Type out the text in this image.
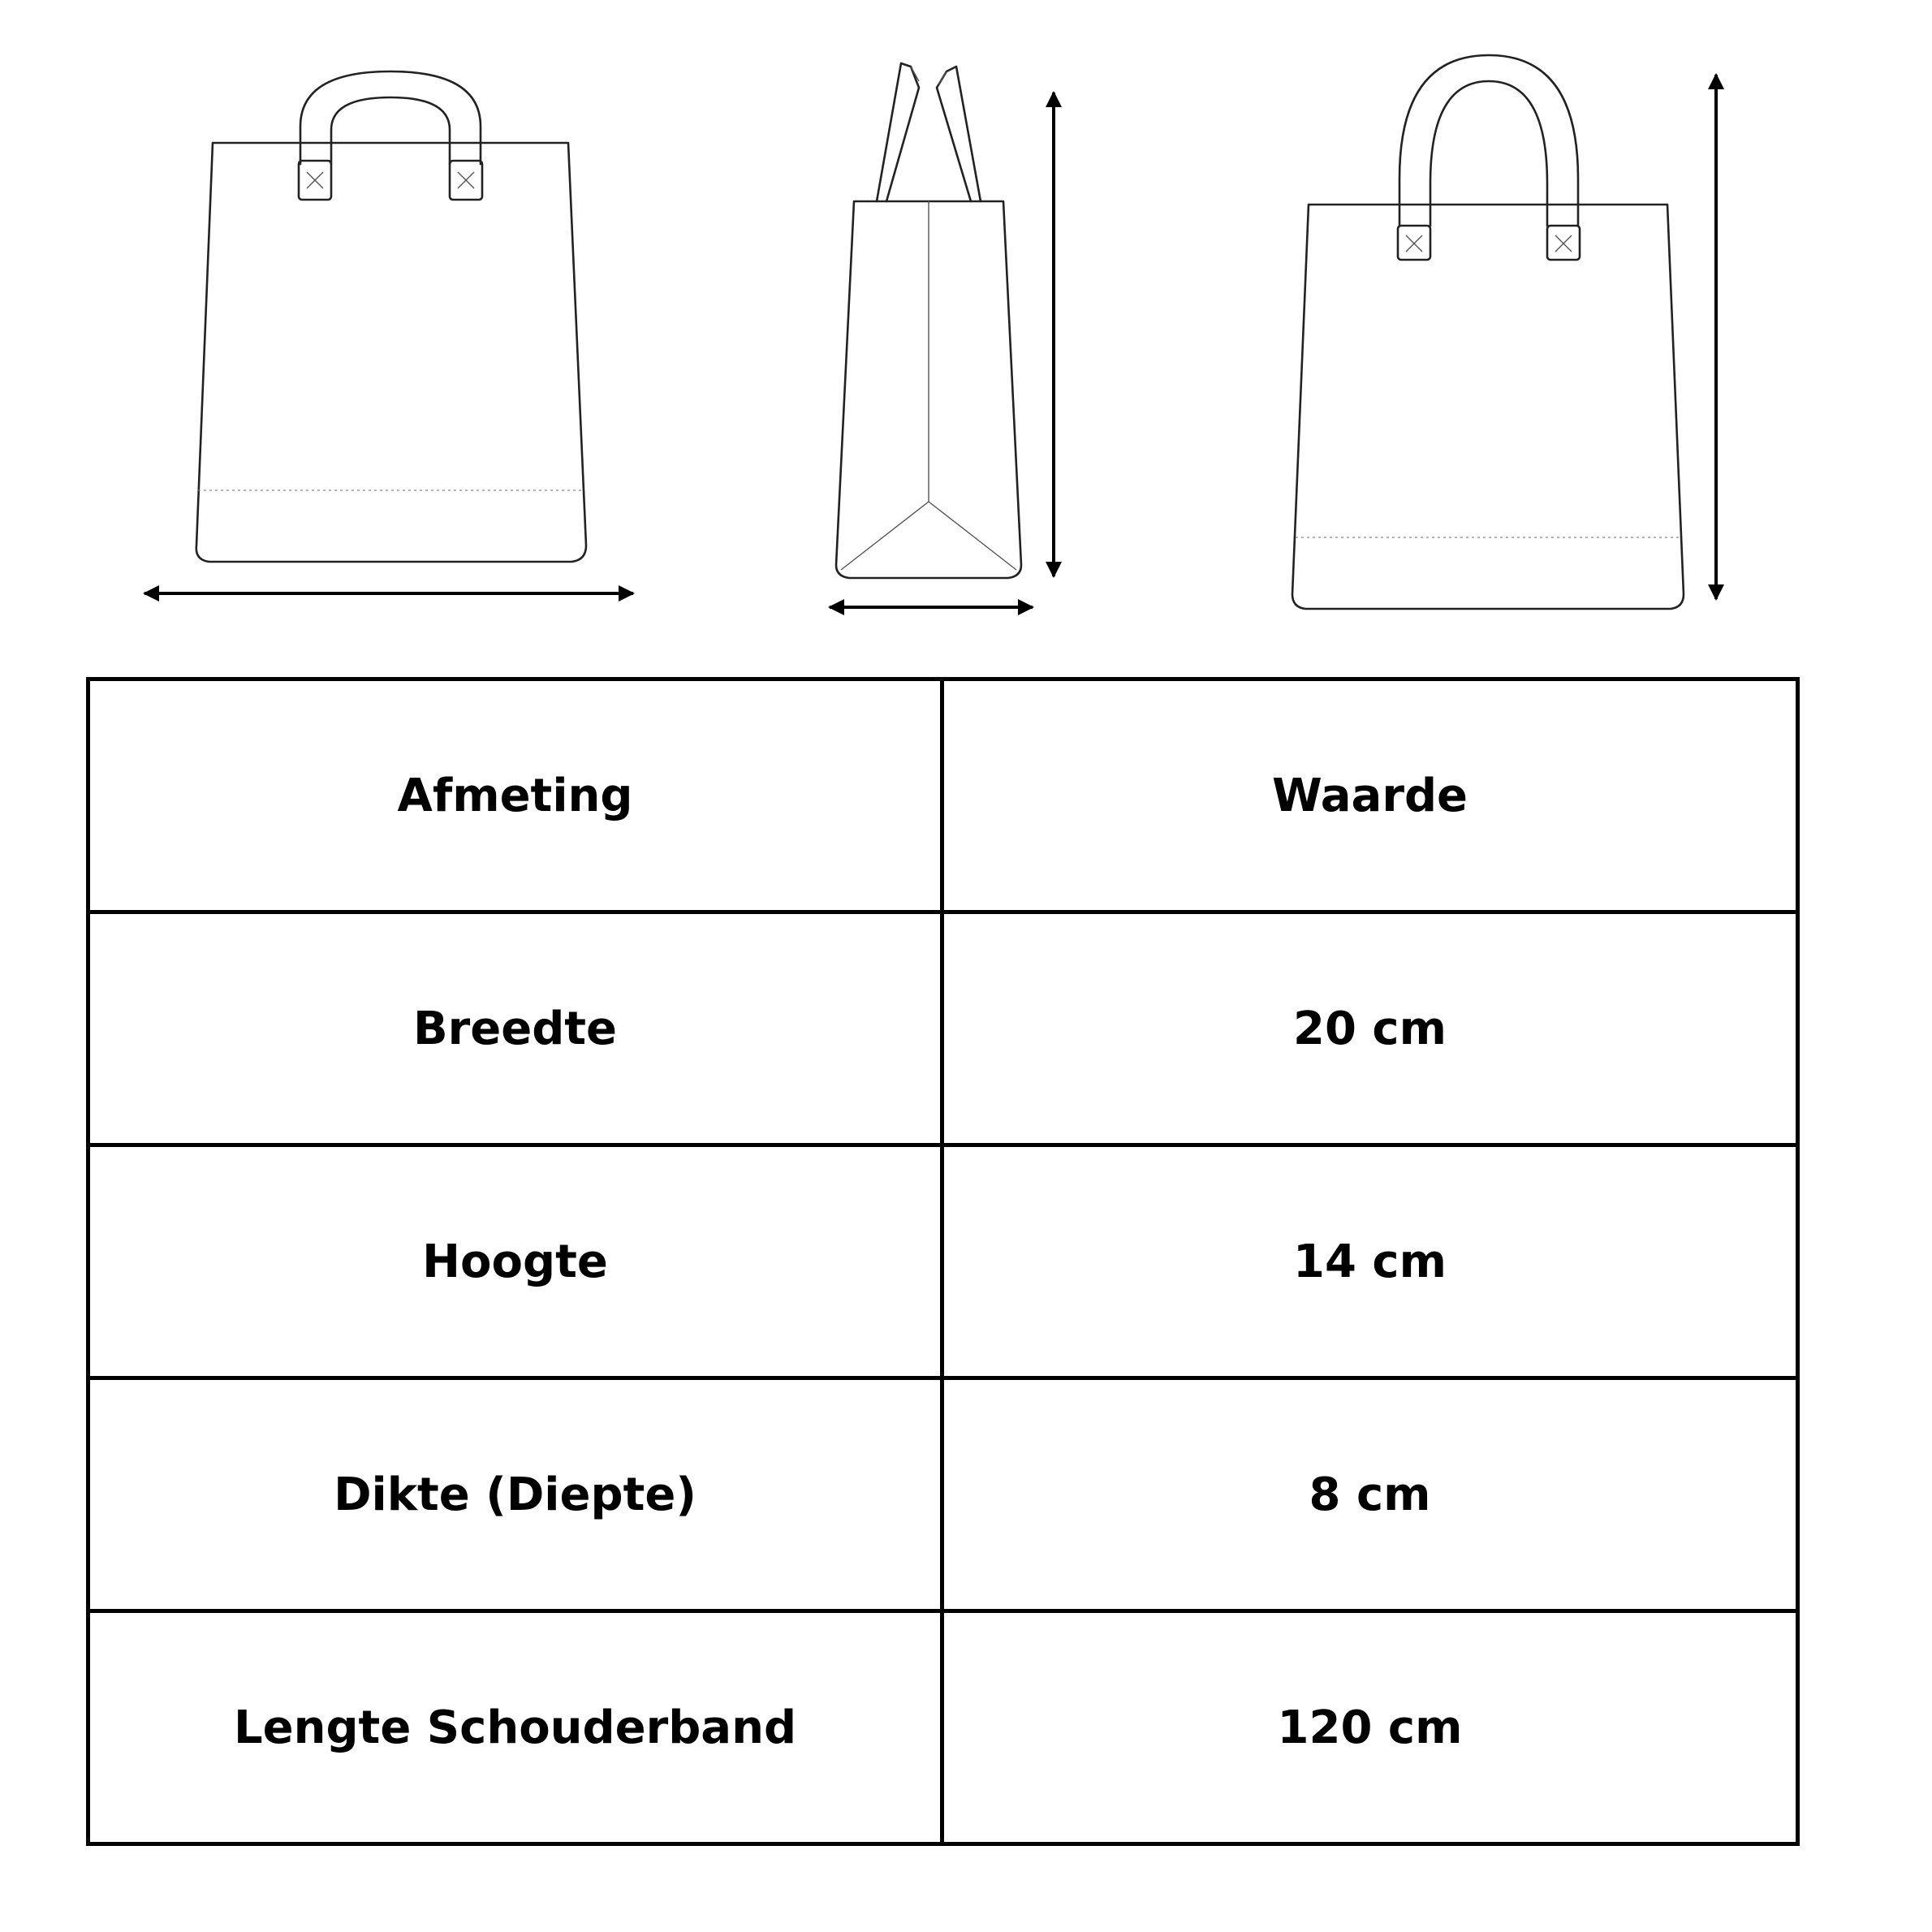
Afmeting	Waarde
Breedte	20 cm
Hoogte	14 cm
Dikte (Diepte)	8 cm
Lengte Schouderband	120 cm
